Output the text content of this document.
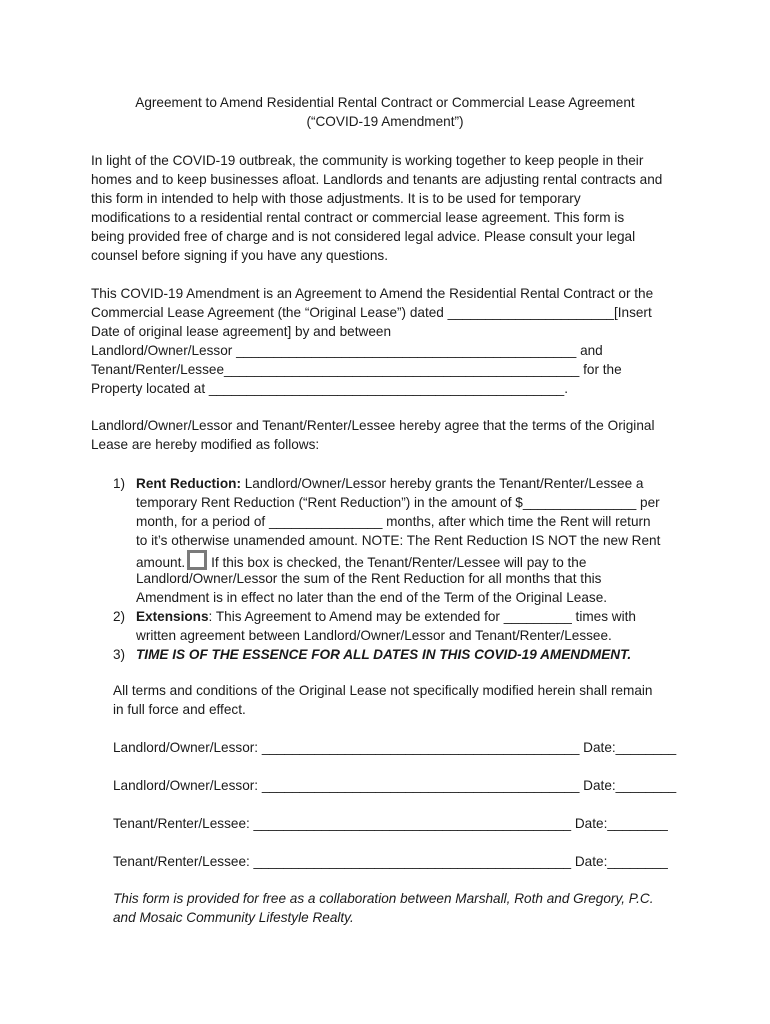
Agreement to Amend Residential Rental Contract or Commercial Lease Agreement
(“COVID-19 Amendment”)
In light of the COVID-19 outbreak, the community is working together to keep people in their
homes and to keep businesses afloat. Landlords and tenants are adjusting rental contracts and
this form in intended to help with those adjustments. It is to be used for temporary
modifications to a residential rental contract or commercial lease agreement. This form is
being provided free of charge and is not considered legal advice. Please consult your legal
counsel before signing if you have any questions.
This COVID-19 Amendment is an Agreement to Amend the Residential Rental Contract or the
Commercial Lease Agreement (the “Original Lease”) dated ______________________[Insert
Date of original lease agreement] by and between
Landlord/Owner/Lessor _____________________________________________ and
Tenant/Renter/Lessee_______________________________________________ for the
Property located at _______________________________________________.
Landlord/Owner/Lessor and Tenant/Renter/Lessee hereby agree that the terms of the Original
Lease are hereby modified as follows:
1) Rent Reduction: Landlord/Owner/Lessor hereby grants the Tenant/Renter/Lessee a
temporary Rent Reduction (“Rent Reduction”) in the amount of $_______________ per
month, for a period of _______________ months, after which time the Rent will return
to it’s otherwise unamended amount. NOTE: The Rent Reduction IS NOT the new Rent
amount. If this box is checked, the Tenant/Renter/Lessee will pay to the
Landlord/Owner/Lessor the sum of the Rent Reduction for all months that this
Amendment is in effect no later than the end of the Term of the Original Lease.
2) Extensions: This Agreement to Amend may be extended for _________ times with
written agreement between Landlord/Owner/Lessor and Tenant/Renter/Lessee.
3) TIME IS OF THE ESSENCE FOR ALL DATES IN THIS COVID-19 AMENDMENT.
All terms and conditions of the Original Lease not specifically modified herein shall remain
in full force and effect.
Landlord/Owner/Lessor: __________________________________________ Date:________
Landlord/Owner/Lessor: __________________________________________ Date:________
Tenant/Renter/Lessee: __________________________________________ Date:________
Tenant/Renter/Lessee: __________________________________________ Date:________
This form is provided for free as a collaboration between Marshall, Roth and Gregory, P.C.
and Mosaic Community Lifestyle Realty.
